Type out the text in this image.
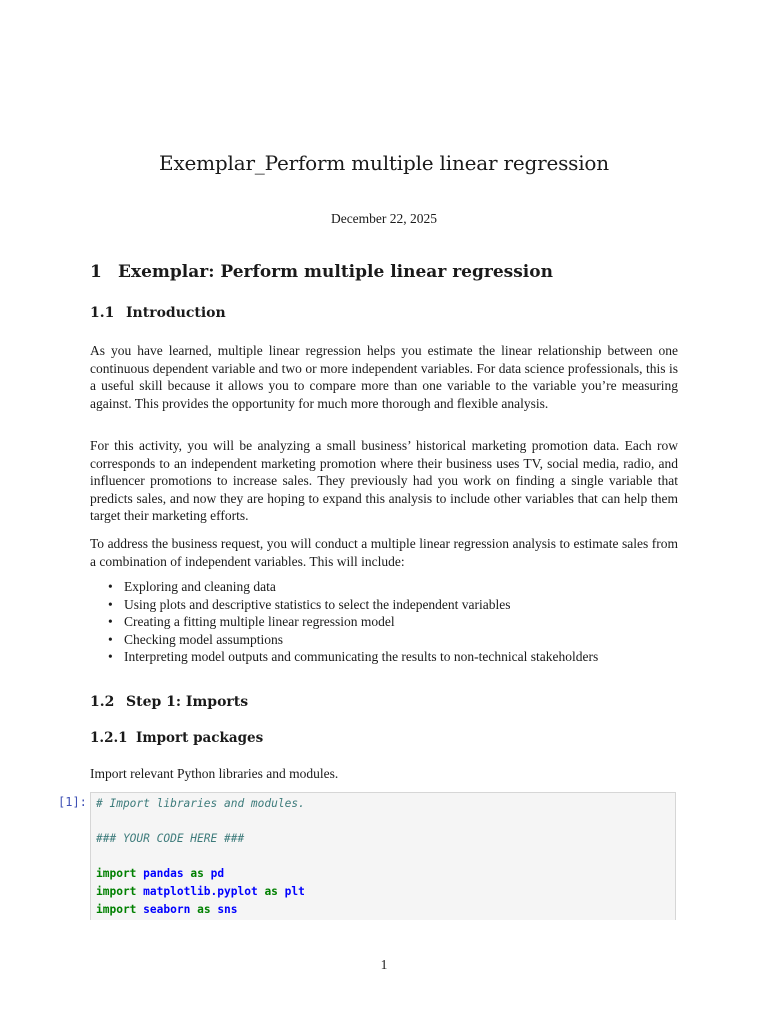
Exemplar_Perform multiple linear regression
December 22, 2025
1 Exemplar: Perform multiple linear regression
1.1 Introduction

As you have learned, multiple linear regression helps you estimate the linear relationship between one continuous dependent variable and two or more independent variables. For data science professionals, this is a useful skill because it allows you to compare more than one variable to the variable you’re measuring against. This provides the opportunity for much more thorough and flexible analysis.

For this activity, you will be analyzing a small business’ historical marketing promotion data. Each row corresponds to an independent marketing promotion where their business uses TV, social media, radio, and influencer promotions to increase sales. They previously had you work on finding a single variable that predicts sales, and now they are hoping to expand this analysis to include other variables that can help them target their marketing efforts.

To address the business request, you will conduct a multiple linear regression analysis to estimate sales from a combination of independent variables. This will include:

• Exploring and cleaning data
• Using plots and descriptive statistics to select the independent variables
• Creating a fitting multiple linear regression model
• Checking model assumptions
• Interpreting model outputs and communicating the results to non-technical stakeholders
1.2 Step 1: Imports
1.2.1 Import packages
Import relevant Python libraries and modules.
[1]: # Import libraries and modules.
### YOUR CODE HERE ###
import pandas as pd
import matplotlib.pyplot as plt
import seaborn as sns
1
